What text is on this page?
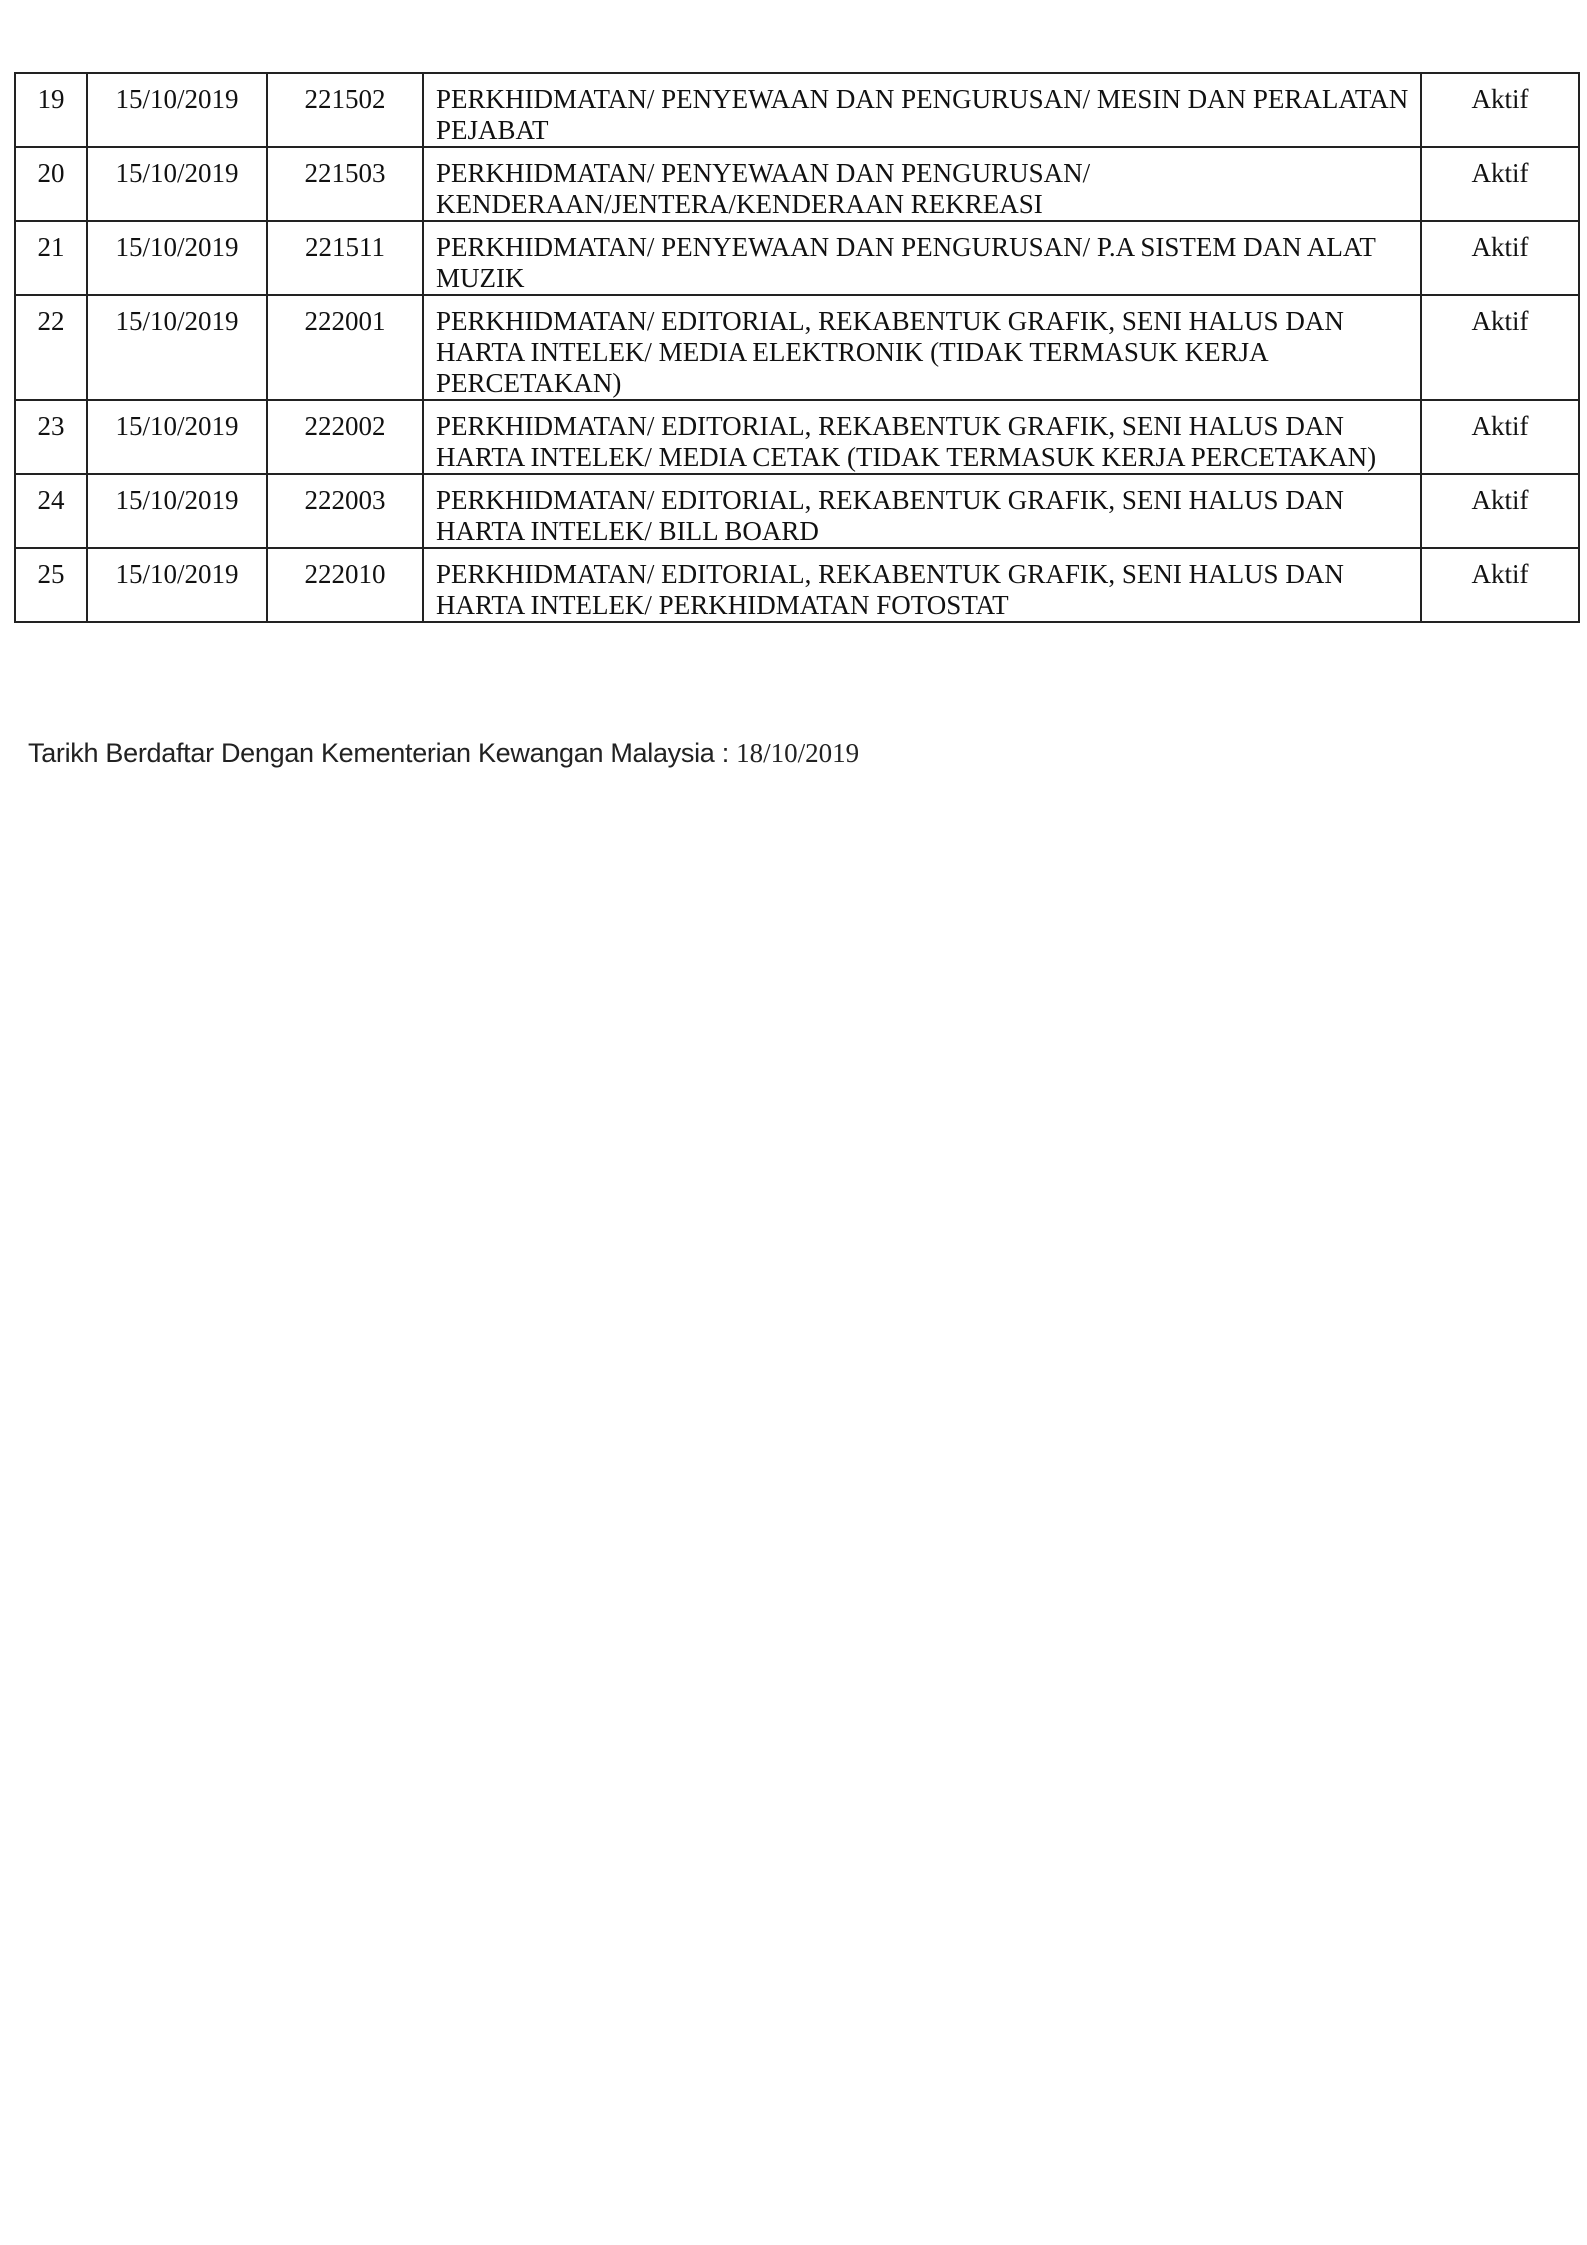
19	15/10/2019	221502	PERKHIDMATAN/ PENYEWAAN DAN PENGURUSAN/ MESIN DAN PERALATAN PEJABAT	Aktif
20	15/10/2019	221503	PERKHIDMATAN/ PENYEWAAN DAN PENGURUSAN/ KENDERAAN/JENTERA/KENDERAAN REKREASI	Aktif
21	15/10/2019	221511	PERKHIDMATAN/ PENYEWAAN DAN PENGURUSAN/ P.A SISTEM DAN ALAT MUZIK	Aktif
22	15/10/2019	222001	PERKHIDMATAN/ EDITORIAL, REKABENTUK GRAFIK, SENI HALUS DAN HARTA INTELEK/ MEDIA ELEKTRONIK (TIDAK TERMASUK KERJA PERCETAKAN)	Aktif
23	15/10/2019	222002	PERKHIDMATAN/ EDITORIAL, REKABENTUK GRAFIK, SENI HALUS DAN HARTA INTELEK/ MEDIA CETAK (TIDAK TERMASUK KERJA PERCETAKAN)	Aktif
24	15/10/2019	222003	PERKHIDMATAN/ EDITORIAL, REKABENTUK GRAFIK, SENI HALUS DAN HARTA INTELEK/ BILL BOARD	Aktif
25	15/10/2019	222010	PERKHIDMATAN/ EDITORIAL, REKABENTUK GRAFIK, SENI HALUS DAN HARTA INTELEK/ PERKHIDMATAN FOTOSTAT	Aktif
Tarikh Berdaftar Dengan Kementerian Kewangan Malaysia : 18/10/2019
